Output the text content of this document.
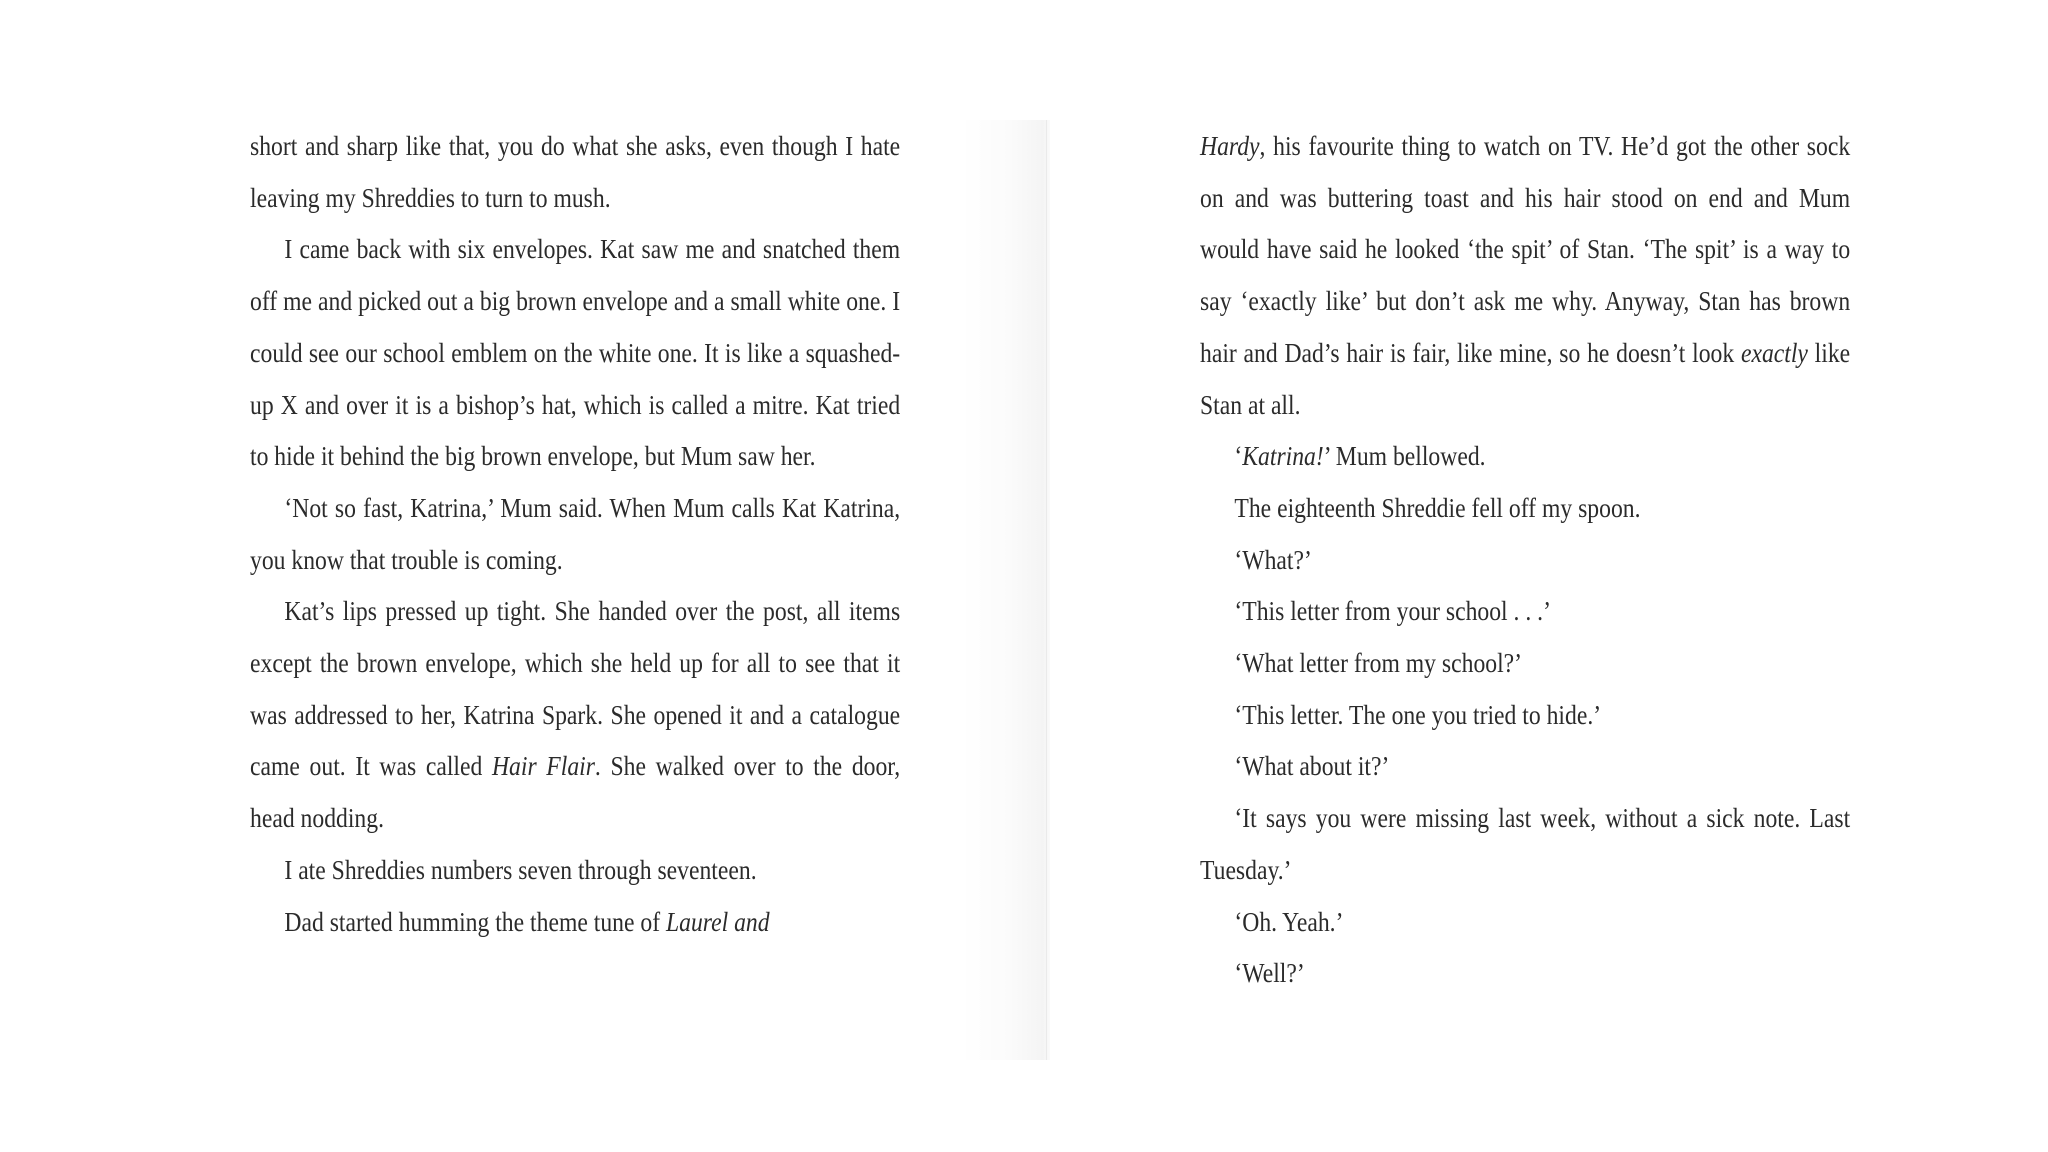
short and sharp like that, you do what she asks, even though I hate leaving my Shreddies to turn to mush.

I came back with six envelopes. Kat saw me and snatched them off me and picked out a big brown envelope and a small white one. I could see our school emblem on the white one. It is like a squashed-up X and over it is a bishop’s hat, which is called a mitre. Kat tried to hide it behind the big brown envelope, but Mum saw her.

‘Not so fast, Katrina,’ Mum said. When Mum calls Kat Katrina, you know that trouble is coming.

Kat’s lips pressed up tight. She handed over the post, all items except the brown envelope, which she held up for all to see that it was addressed to her, Katrina Spark. She opened it and a catalogue came out. It was called Hair Flair. She walked over to the door, head nodding.

I ate Shreddies numbers seven through seventeen.

Dad started humming the theme tune of Laurel and

Hardy, his favourite thing to watch on TV. He’d got the other sock on and was buttering toast and his hair stood on end and Mum would have said he looked ‘the spit’ of Stan. ‘The spit’ is a way to say ‘exactly like’ but don’t ask me why. Anyway, Stan has brown hair and Dad’s hair is fair, like mine, so he doesn’t look exactly like Stan at all.

‘Katrina!’ Mum bellowed.

The eighteenth Shreddie fell off my spoon.

‘What?’

‘This letter from your school . . .’

‘What letter from my school?’

‘This letter. The one you tried to hide.’

‘What about it?’

‘It says you were missing last week, without a sick note. Last Tuesday.’

‘Oh. Yeah.’

‘Well?’
